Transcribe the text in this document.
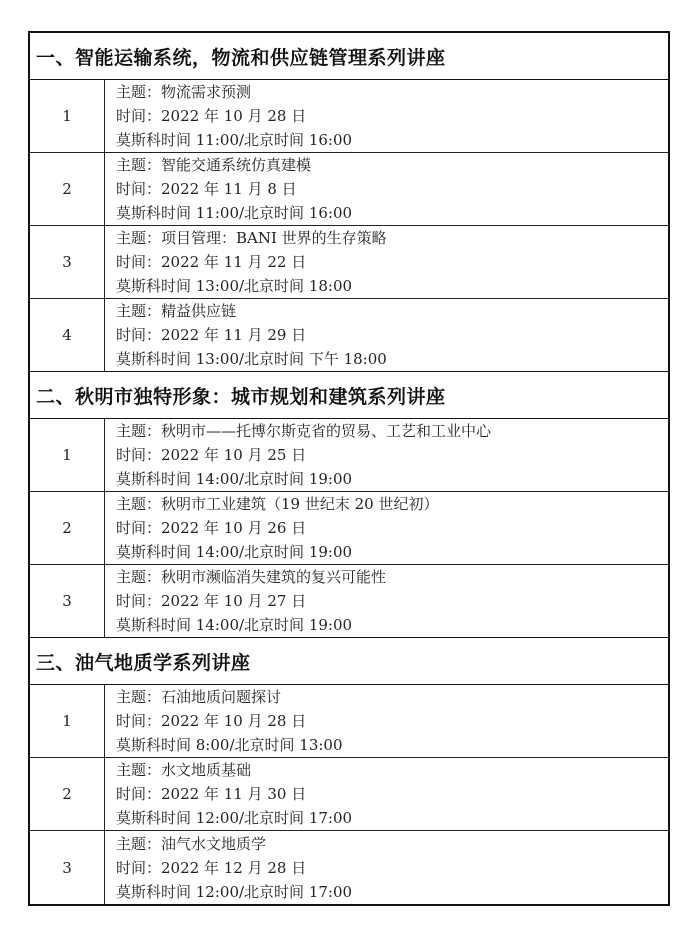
一、智能运输系统，物流和供应链管理系列讲座
1
主题：物流需求预测
时间：2022 年 10 月 28 日
莫斯科时间 11:00/北京时间 16:00
2
主题：智能交通系统仿真建模
时间：2022 年 11 月 8 日
莫斯科时间 11:00/北京时间 16:00
3
主题：项目管理：BANI 世界的生存策略
时间：2022 年 11 月 22 日
莫斯科时间 13:00/北京时间 18:00
4
主题：精益供应链
时间：2022 年 11 月 29 日
莫斯科时间 13:00/北京时间 下午 18:00
二、秋明市独特形象：城市规划和建筑系列讲座
1
主题：秋明市——托博尔斯克省的贸易、工艺和工业中心
时间：2022 年 10 月 25 日
莫斯科时间 14:00/北京时间 19:00
2
主题：秋明市工业建筑（19 世纪末 20 世纪初）
时间：2022 年 10 月 26 日
莫斯科时间 14:00/北京时间 19:00
3
主题：秋明市濒临消失建筑的复兴可能性
时间：2022 年 10 月 27 日
莫斯科时间 14:00/北京时间 19:00
三、油气地质学系列讲座
1
主题：石油地质问题探讨
时间：2022 年 10 月 28 日
莫斯科时间 8:00/北京时间 13:00
2
主题：水文地质基础
时间：2022 年 11 月 30 日
莫斯科时间 12:00/北京时间 17:00
3
主题：油气水文地质学
时间：2022 年 12 月 28 日
莫斯科时间 12:00/北京时间 17:00
